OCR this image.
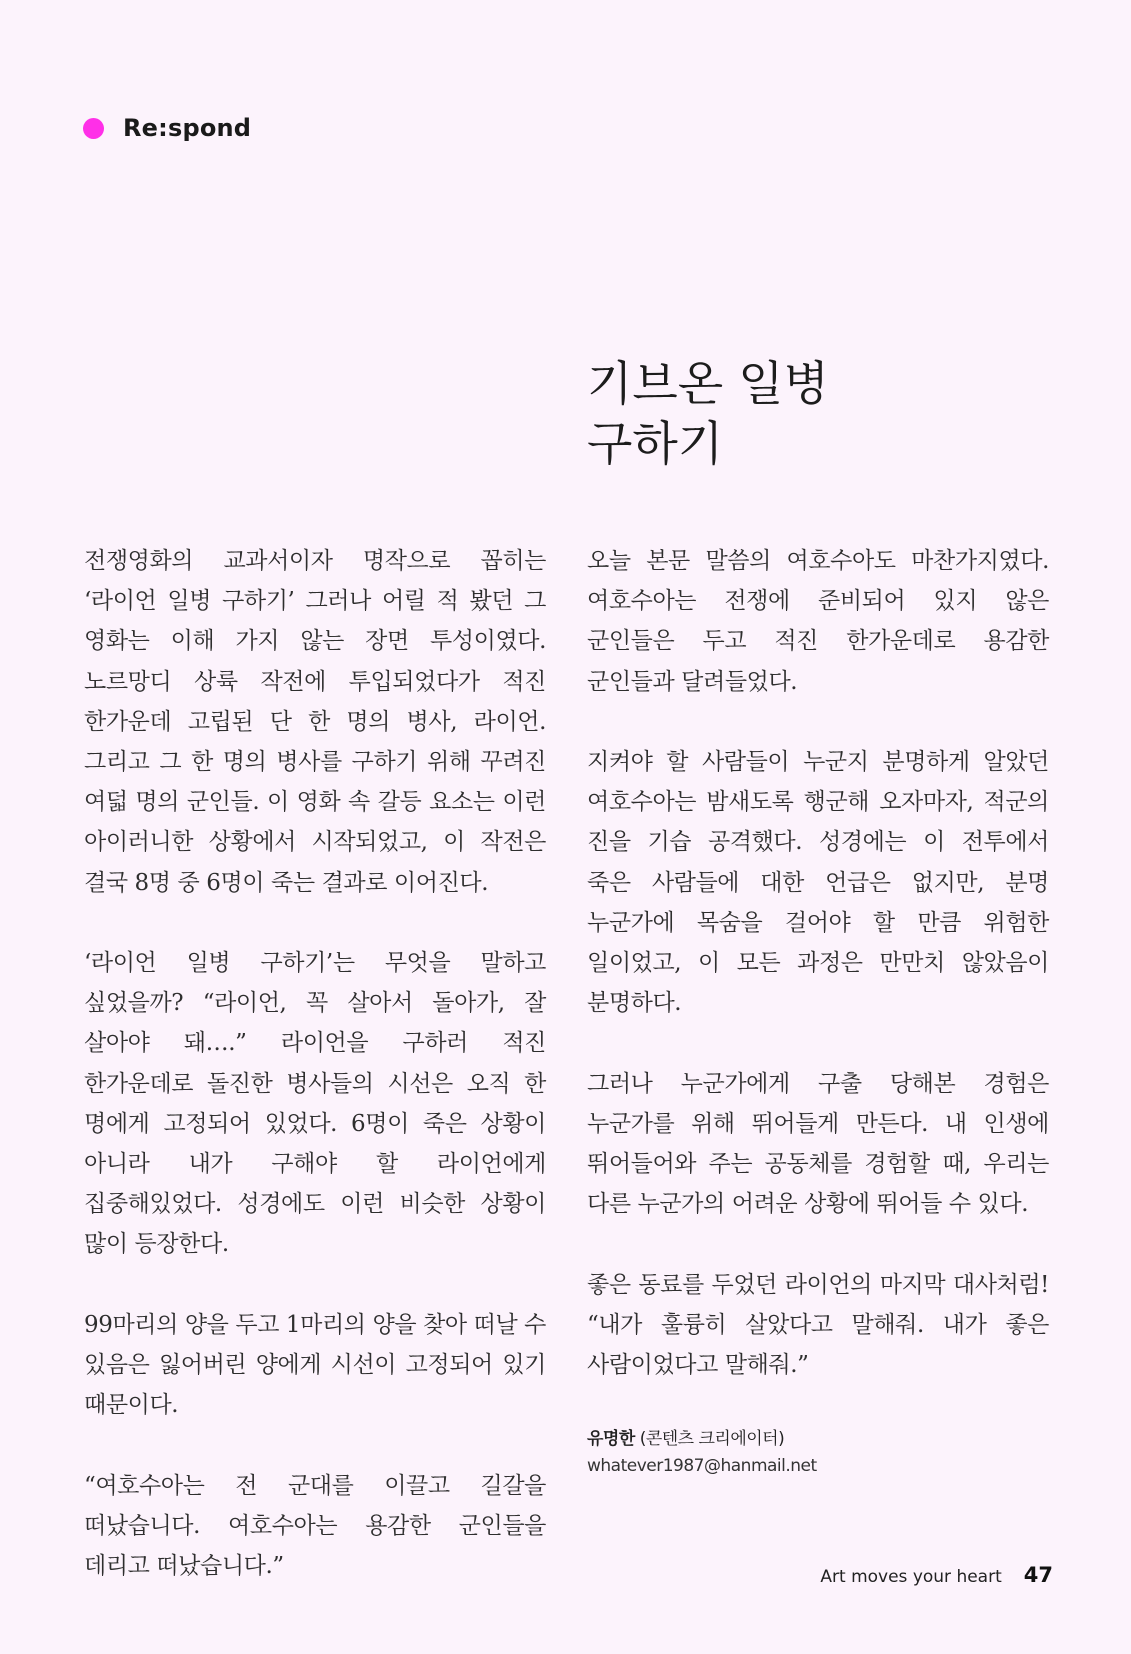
Re:spond
기브온 일병
구하기

전쟁영화의 교과서이자 명작으로 꼽히는 ‘라이언 일병 구하기’ 그러나 어릴 적 봤던 그 영화는 이해 가지 않는 장면 투성이였다. 노르망디 상륙 작전에 투입되었다가 적진 한가운데 고립된 단 한 명의 병사, 라이언. 그리고 그 한 명의 병사를 구하기 위해 꾸려진 여덟 명의 군인들. 이 영화 속 갈등 요소는 이런 아이러니한 상황에서 시작되었고, 이 작전은 결국 8명 중 6명이 죽는 결과로 이어진다.

‘라이언 일병 구하기’는 무엇을 말하고 싶었을까? “라이언, 꼭 살아서 돌아가, 잘 살아야 돼….” 라이언을 구하러 적진 한가운데로 돌진한 병사들의 시선은 오직 한 명에게 고정되어 있었다. 6명이 죽은 상황이 아니라 내가 구해야 할 라이언에게 집중해있었다. 성경에도 이런 비슷한 상황이 많이 등장한다.

99마리의 양을 두고 1마리의 양을 찾아 떠날 수 있음은 잃어버린 양에게 시선이 고정되어 있기 때문이다.

“여호수아는 전 군대를 이끌고 길갈을 떠났습니다. 여호수아는 용감한 군인들을 데리고 떠났습니다.”

오늘 본문 말씀의 여호수아도 마찬가지였다. 여호수아는 전쟁에 준비되어 있지 않은 군인들은 두고 적진 한가운데로 용감한 군인들과 달려들었다.

지켜야 할 사람들이 누군지 분명하게 알았던 여호수아는 밤새도록 행군해 오자마자, 적군의 진을 기습 공격했다. 성경에는 이 전투에서 죽은 사람들에 대한 언급은 없지만, 분명 누군가에 목숨을 걸어야 할 만큼 위험한 일이었고, 이 모든 과정은 만만치 않았음이 분명하다.

그러나 누군가에게 구출 당해본 경험은 누군가를 위해 뛰어들게 만든다. 내 인생에 뛰어들어와 주는 공동체를 경험할 때, 우리는 다른 누군가의 어려운 상황에 뛰어들 수 있다.

좋은 동료를 두었던 라이언의 마지막 대사처럼! “내가 훌륭히 살았다고 말해줘. 내가 좋은 사람이었다고 말해줘.”

유명한 (콘텐츠 크리에이터)
whatever1987@hanmail.net
Art moves your heart 47
